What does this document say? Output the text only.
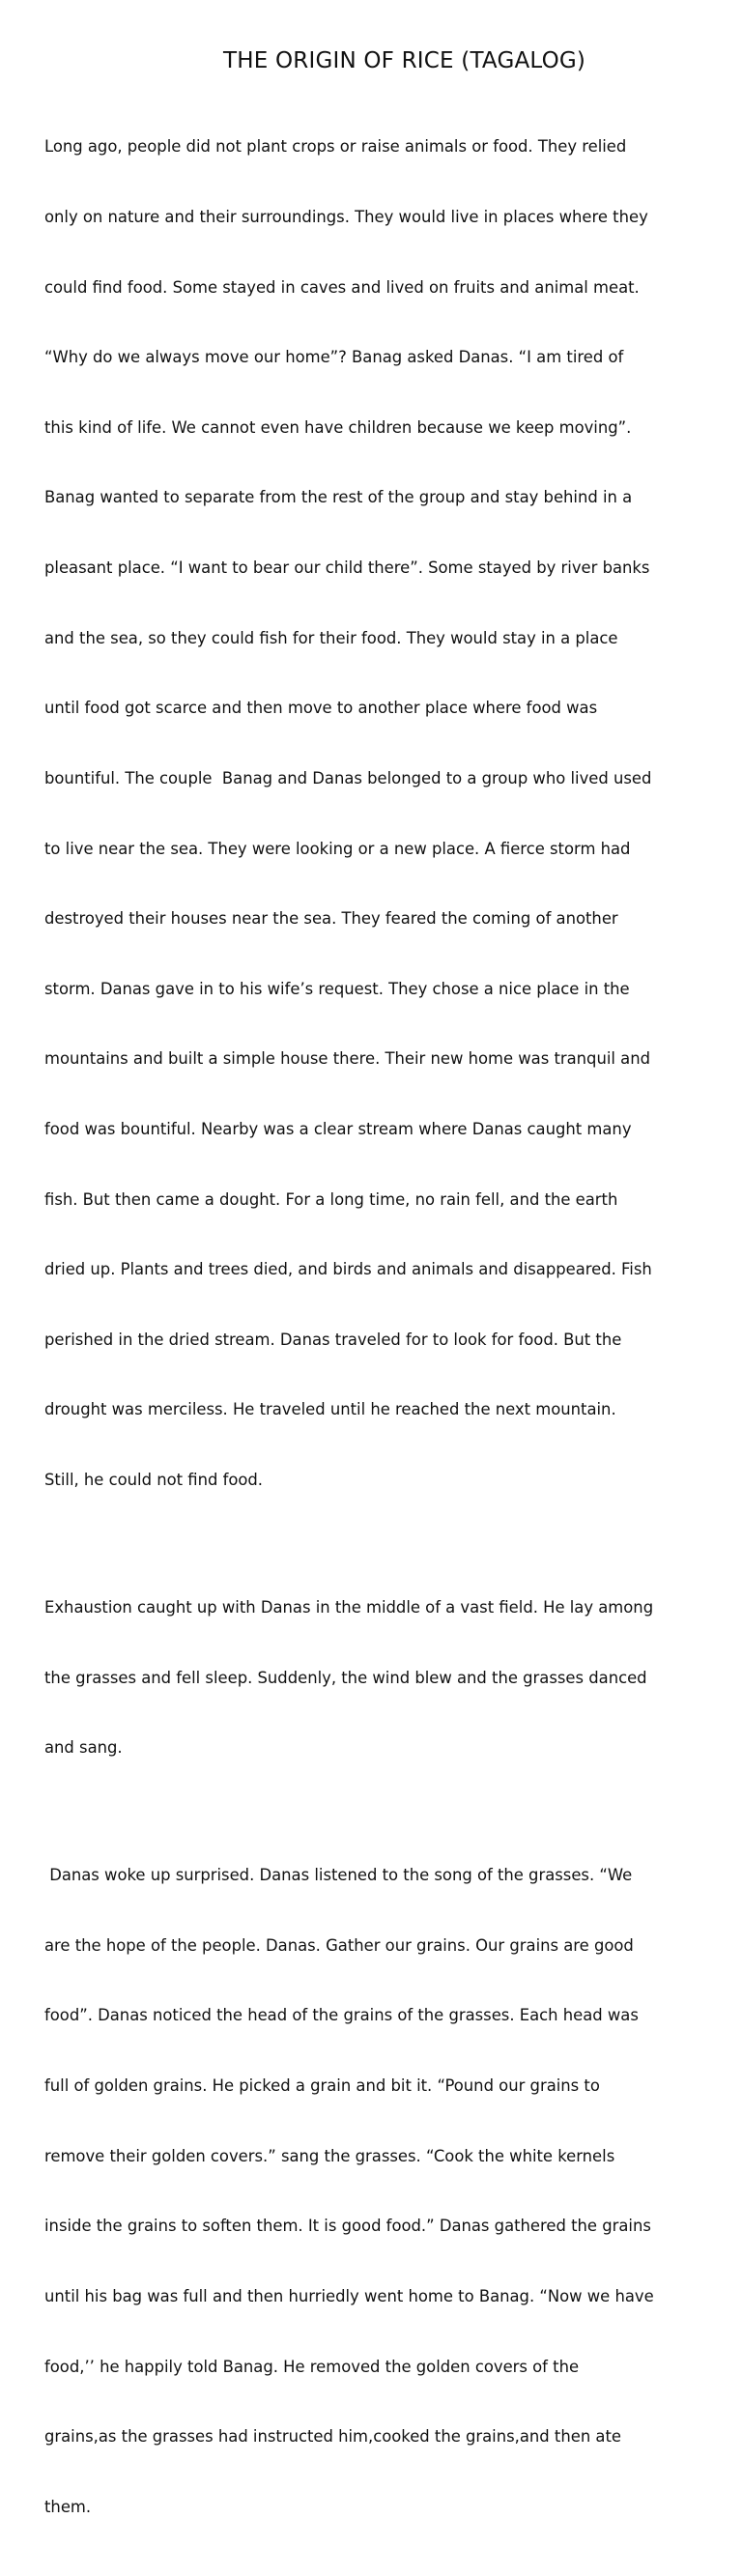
THE ORIGIN OF RICE (TAGALOG)

Long ago, people did not plant crops or raise animals or food. They relied

only on nature and their surroundings. They would live in places where they

could find food. Some stayed in caves and lived on fruits and animal meat.

“Why do we always move our home”? Banag asked Danas. “I am tired of

this kind of life. We cannot even have children because we keep moving”.

Banag wanted to separate from the rest of the group and stay behind in a

pleasant place. “I want to bear our child there”. Some stayed by river banks

and the sea, so they could fish for their food. They would stay in a place

until food got scarce and then move to another place where food was

bountiful. The couple  Banag and Danas belonged to a group who lived used

to live near the sea. They were looking or a new place. A fierce storm had

destroyed their houses near the sea. They feared the coming of another

storm. Danas gave in to his wife’s request. They chose a nice place in the

mountains and built a simple house there. Their new home was tranquil and

food was bountiful. Nearby was a clear stream where Danas caught many

fish. But then came a dought. For a long time, no rain fell, and the earth

dried up. Plants and trees died, and birds and animals and disappeared. Fish

perished in the dried stream. Danas traveled for to look for food. But the

drought was merciless. He traveled until he reached the next mountain.

Still, he could not find food.

Exhaustion caught up with Danas in the middle of a vast field. He lay among

the grasses and fell sleep. Suddenly, the wind blew and the grasses danced

and sang.

Danas woke up surprised. Danas listened to the song of the grasses. “We

are the hope of the people. Danas. Gather our grains. Our grains are good

food”. Danas noticed the head of the grains of the grasses. Each head was

full of golden grains. He picked a grain and bit it. “Pound our grains to

remove their golden covers.” sang the grasses. “Cook the white kernels

inside the grains to soften them. It is good food.” Danas gathered the grains

until his bag was full and then hurriedly went home to Banag. “Now we have

food,’’ he happily told Banag. He removed the golden covers of the

grains,as the grasses had instructed him,cooked the grains,and then ate

them.
